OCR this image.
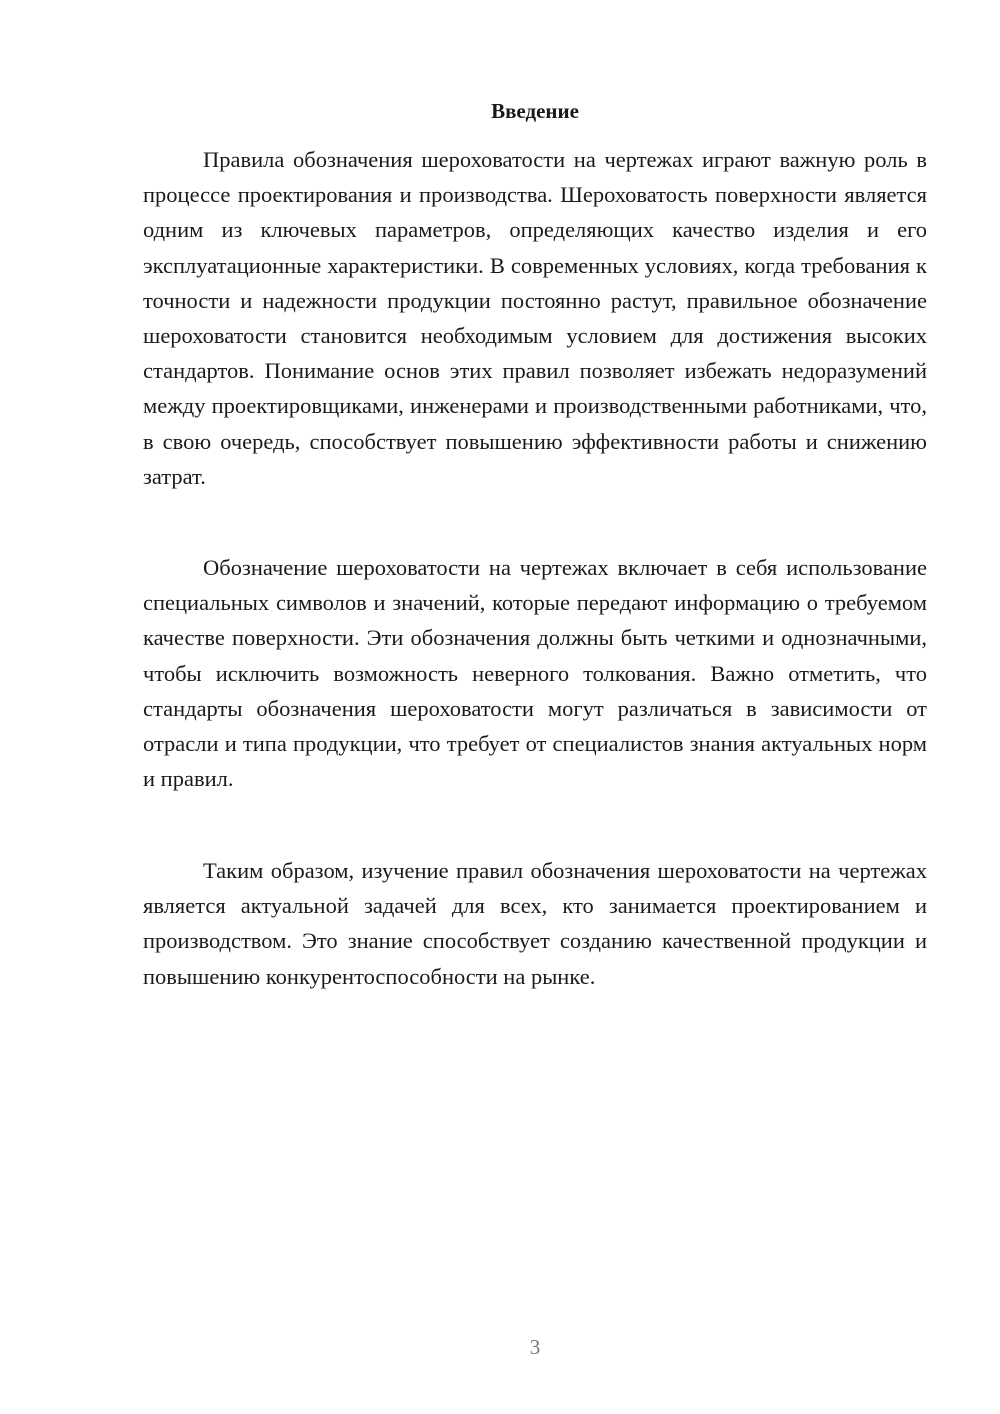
Введение

Правила обозначения шероховатости на чертежах играют важную роль в процессе проектирования и производства. Шероховатость поверхности является одним из ключевых параметров, определяющих качество изделия и его эксплуатационные характеристики. В современных условиях, когда требования к точности и надежности продукции постоянно растут, правильное обозначение шероховатости становится необходимым условием для достижения высоких стандартов. Понимание основ этих правил позволяет избежать недоразумений между проектировщиками, инженерами и производственными работниками, что, в свою очередь, способствует повышению эффективности работы и снижению затрат.

Обозначение шероховатости на чертежах включает в себя использование специальных символов и значений, которые передают информацию о требуемом качестве поверхности. Эти обозначения должны быть четкими и однозначными, чтобы исключить возможность неверного толкования. Важно отметить, что стандарты обозначения шероховатости могут различаться в зависимости от отрасли и типа продукции, что требует от специалистов знания актуальных норм и правил.

Таким образом, изучение правил обозначения шероховатости на чертежах является актуальной задачей для всех, кто занимается проектированием и производством. Это знание способствует созданию качественной продукции и повышению конкурентоспособности на рынке.

3
